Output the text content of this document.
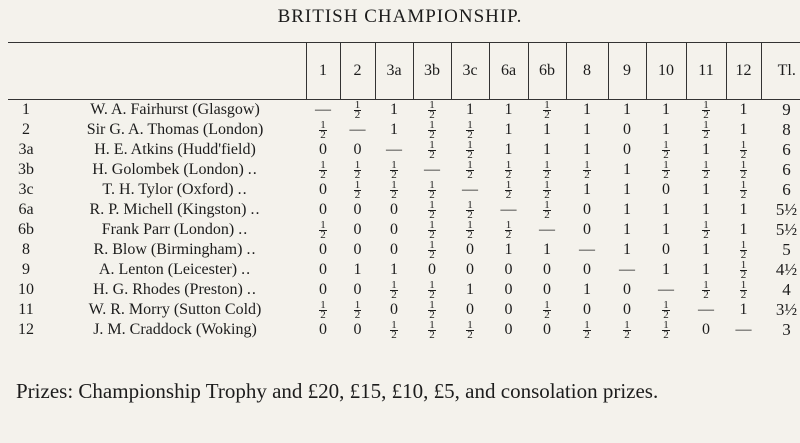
BRITISH CHAMPIONSHIP.
		1	2	3a	3b	3c	6a	6b	8	9	10	11	12	Tl.
1	W. A. Fairhurst (Glasgow)	—	$\frac{1}{2}$	1	$\frac{1}{2}$	1	1	$\frac{1}{2}$	1	1	1	$\frac{1}{2}$	1	9
2	Sir G. A. Thomas (London)	$\frac{1}{2}$	—	1	$\frac{1}{2}$	$\frac{1}{2}$	1	1	1	0	1	$\frac{1}{2}$	1	8
3a	H. E. Atkins (Hudd'field)	0	0	—	$\frac{1}{2}$	$\frac{1}{2}$	1	1	1	0	$\frac{1}{2}$	1	$\frac{1}{2}$	6
3b	H. Golombek (London) ..	$\frac{1}{2}$	$\frac{1}{2}$	$\frac{1}{2}$	—	$\frac{1}{2}$	$\frac{1}{2}$	$\frac{1}{2}$	$\frac{1}{2}$	1	$\frac{1}{2}$	$\frac{1}{2}$	$\frac{1}{2}$	6
3c	T. H. Tylor (Oxford) ..	0	$\frac{1}{2}$	$\frac{1}{2}$	$\frac{1}{2}$	—	$\frac{1}{2}$	$\frac{1}{2}$	1	1	0	1	$\frac{1}{2}$	6
6a	R. P. Michell (Kingston) ..	0	0	0	$\frac{1}{2}$	$\frac{1}{2}$	—	$\frac{1}{2}$	0	1	1	1	1	5½
6b	Frank Parr (London) ..	$\frac{1}{2}$	0	0	$\frac{1}{2}$	$\frac{1}{2}$	$\frac{1}{2}$	—	0	1	1	$\frac{1}{2}$	1	5½
8	R. Blow (Birmingham) ..	0	0	0	$\frac{1}{2}$	0	1	1	—	1	0	1	$\frac{1}{2}$	5
9	A. Lenton (Leicester) ..	0	1	1	0	0	0	0	0	—	1	1	$\frac{1}{2}$	4½
10	H. G. Rhodes (Preston) ..	0	0	$\frac{1}{2}$	$\frac{1}{2}$	1	0	0	1	0	—	$\frac{1}{2}$	$\frac{1}{2}$	4
11	W. R. Morry (Sutton Cold)	$\frac{1}{2}$	$\frac{1}{2}$	0	$\frac{1}{2}$	0	0	$\frac{1}{2}$	0	0	$\frac{1}{2}$	—	1	3½
12	J. M. Craddock (Woking)	0	0	$\frac{1}{2}$	$\frac{1}{2}$	$\frac{1}{2}$	0	0	$\frac{1}{2}$	$\frac{1}{2}$	$\frac{1}{2}$	0	—	3
Prizes: Championship Trophy and £20, £15, £10, £5, and consolation prizes.
